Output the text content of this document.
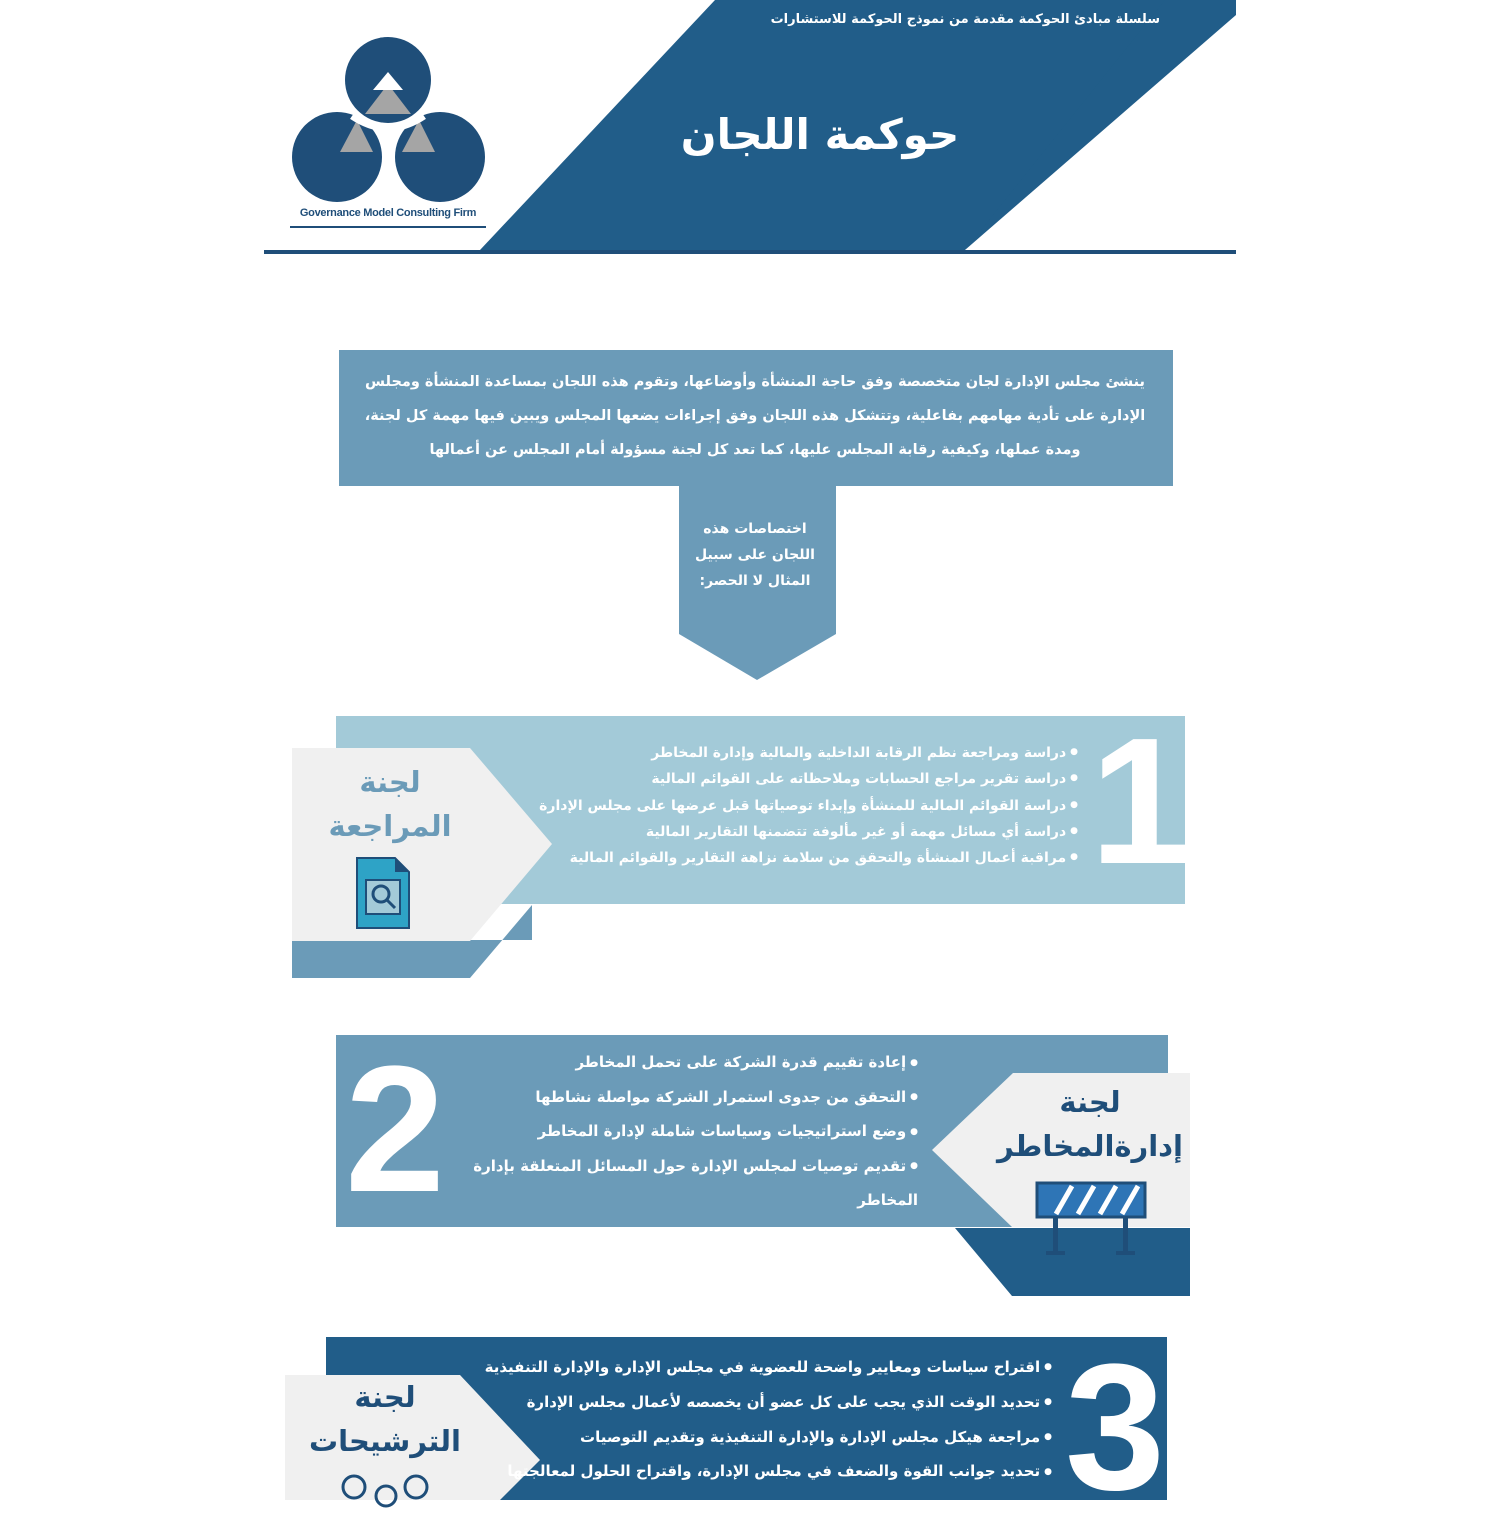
سلسلة مبادئ الحوكمة مقدمة من نموذج الحوكمة للاستشارات
حوكمة اللجان
Governance Model Consulting Firm
ينشئ مجلس الإدارة لجان متخصصة وفق حاجة المنشأة وأوضاعها، وتقوم هذه اللجان بمساعدة المنشأة ومجلس الإدارة على تأدية مهامهم بفاعلية، وتتشكل هذه اللجان وفق إجراءات يضعها المجلس ويبين فيها مهمة كل لجنة، ومدة عملها، وكيفية رقابة المجلس عليها، كما تعد كل لجنة مسؤولة أمام المجلس عن أعمالها
اختصاصات هذه اللجان على سبيل المثال لا الحصر:
● دراسة ومراجعة نظم الرقابة الداخلية والمالية وإدارة المخاطر
● دراسة تقرير مراجع الحسابات وملاحظاته على القوائم المالية
● دراسة القوائم المالية للمنشأة وإبداء توصياتها قبل عرضها على مجلس الإدارة
● دراسة أي مسائل مهمة أو غير مألوفة تتضمنها التقارير المالية
● مراقبة أعمال المنشأة والتحقق من سلامة نزاهة التقارير والقوائم المالية 1
لجنة المراجعة
● إعادة تقييم قدرة الشركة على تحمل المخاطر
● التحقق من جدوى استمرار الشركة مواصلة نشاطها
● وضع استراتيجيات وسياسات شاملة لإدارة المخاطر
● تقديم توصيات لمجلس الإدارة حول المسائل المتعلقة بإدارة المخاطر
● ضمان توافر الموارد والنظم الكافية لإدارة المخاطر
2	لجنة إدارةالمخاطر
● اقتراح سياسات ومعايير واضحة للعضوية في مجلس الإدارة والإدارة التنفيذية
● تحديد الوقت الذي يجب على كل عضو أن يخصصه لأعمال مجلس الإدارة
● مراجعة هيكل مجلس الإدارة والإدارة التنفيذية وتقديم التوصيات
● تحديد جوانب القوة والضعف في مجلس الإدارة، واقتراح الحلول لمعالجتها 3
لجنة الترشيحات
